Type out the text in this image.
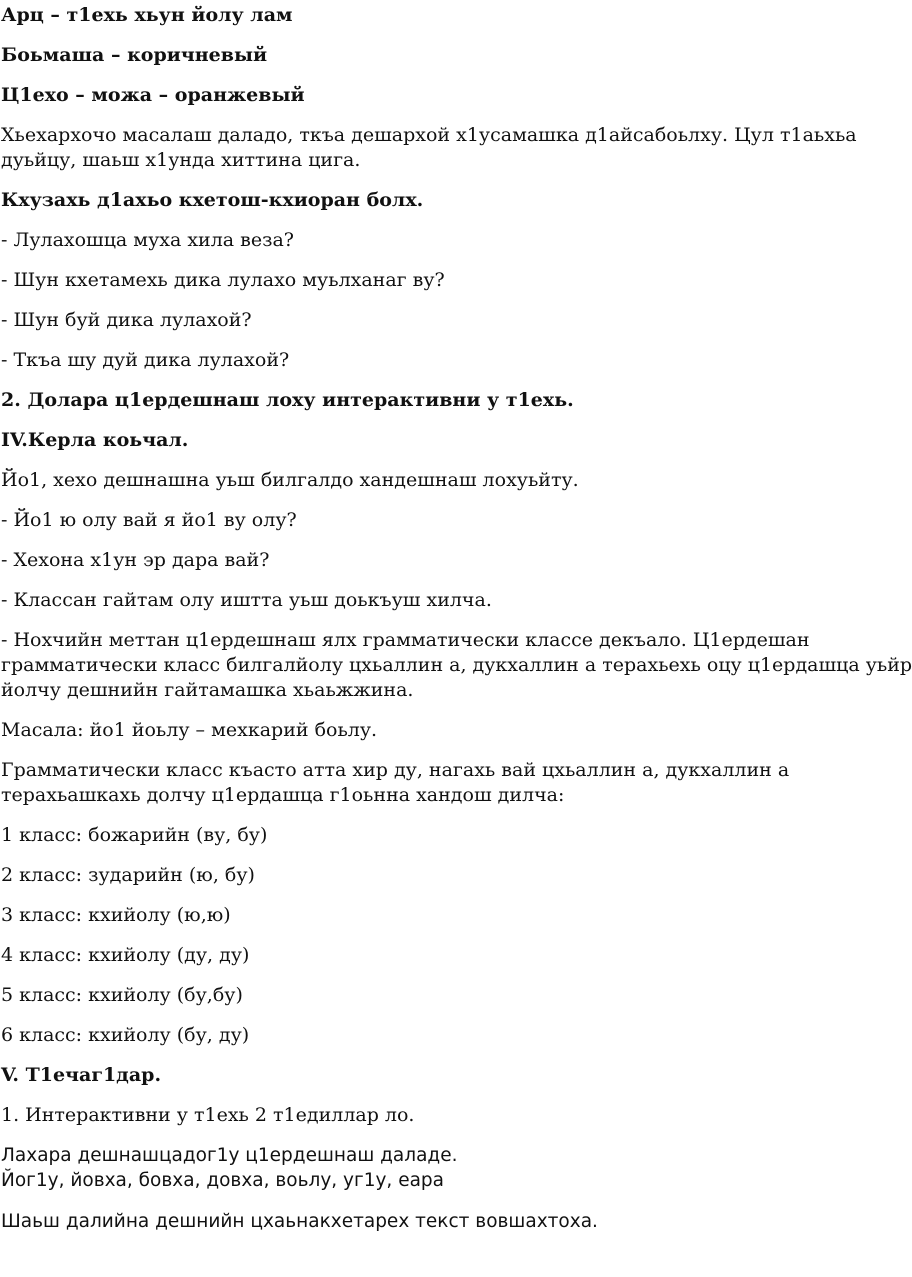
Арц – т1ехь хьун йолу лам
Боьмаша – коричневый
Ц1ехо – можа – оранжевый
Хьехархочо масалаш даладо, ткъа дешархой х1усамашка д1айсабоьлху. Цул т1аьхьа
дуьйцу, шаьш х1унда хиттина цига.
Кхузахь д1ахьо кхетош-кхиоран болх.
- Лулахошца муха хила веза?
- Шун кхетамехь дика лулахо муьлханаг ву?
- Шун буй дика лулахой?
- Ткъа шу дуй дика лулахой?
2. Долара ц1ердешнаш лоху интерактивни у т1ехь.
IV.Керла коьчал.
Йо1, хехо дешнашна уьш билгалдо хандешнаш лохуьйту.
- Йо1 ю олу вай я йо1 ву олу?
- Хехона х1ун эр дара вай?
- Классан гайтам олу иштта уьш доькъуш хилча.
- Нохчийн меттан ц1ердешнаш ялх грамматически классе декъало. Ц1ердешан
грамматически класс билгалйолу цхьаллин а, дукхаллин а терахьехь оцу ц1ердашца уьйр
йолчу дешнийн гайтамашка хьаьжжина.
Масала: йо1 йоьлу – мехкарий боьлу.
Грамматически класс къасто атта хир ду, нагахь вай цхьаллин а, дукхаллин а
терахьашкахь долчу ц1ердашца г1оьнна хандош дилча:
1 класс: божарийн (ву, бу)
2 класс: зударийн (ю, бу)
3 класс: кхийолу (ю,ю)
4 класс: кхийолу (ду, ду)
5 класс: кхийолу (бу,бу)
6 класс: кхийолу (бу, ду)
V. Т1ечаг1дар.
1. Интерактивни у т1ехь 2 т1едиллар ло.
Лахара дешнашцадог1у ц1ердешнаш даладе.
Йог1у, йовха, бовха, довха, воьлу, уг1у, еара
Шаьш далийна дешнийн цхаьнакхетарех текст вовшахтоха.
